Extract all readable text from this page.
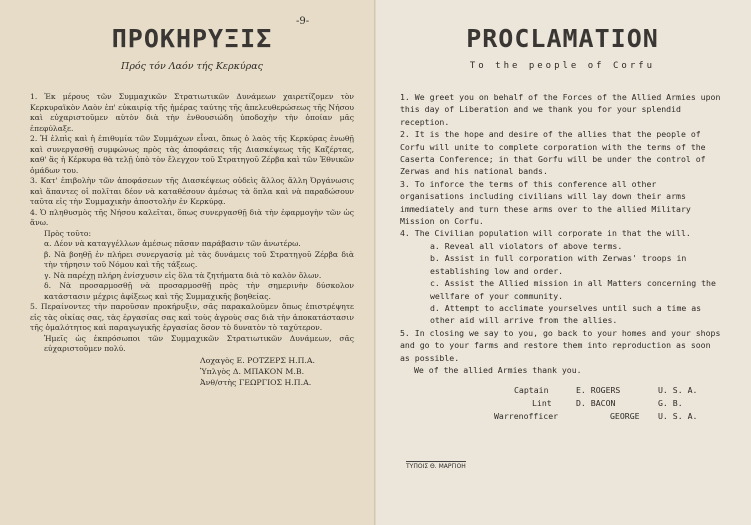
ΠΡΟΚΗΡΥΞΙΣ
Πρός τόν Λαόν τής Κερκύρας

1. Ἐκ μέρους τῶν Συμμαχικῶν Στρατιωτικῶν Δυνάμεων χαιρετίζομεν τὸν Κερκυραϊκὸν Λαὸν ἐπ' εὐκαιρίᾳ τῆς ἡμέρας ταύτης τῆς ἀπελευθερώσεως τῆς Νήσου καὶ εὐχαριστοῦμεν αὐτὸν διὰ τὴν ἐνθουσιώδη ὑποδοχὴν τὴν ὁποίαν μᾶς ἐπεφύλαξε.

2. Ἡ ἐλπὶς καὶ ἡ ἐπιθυμία τῶν Συμμάχων εἶναι, ὅπως ὁ λαὸς τῆς Κερκύρας ἑνωθῇ καὶ συνεργασθῇ συμφώνως πρὸς τὰς ἀποφάσεις τῆς Διασκέψεως τῆς Καζέρτας, καθ' ἃς ἡ Κέρκυρα θὰ τελῇ ὑπὸ τὸν ἔλεγχον τοῦ Στρατηγοῦ Ζέρβα καὶ τῶν Ἐθνικῶν ὁμάδων του.

3. Κατ' ἐπιβολὴν τῶν ἀποφάσεων τῆς Διασκέψεως οὐδεὶς ἄλλος ἄλλη Ὀργάνωσις καὶ ἅπαντες οἱ πολῖται δέον νὰ καταθέσουν ἀμέσως τὰ ὅπλα καὶ νὰ παραδώσουν ταῦτα εἰς τὴν Συμμαχικὴν ἀποστολὴν ἐν Κερκύρᾳ.

4. Ὁ πληθυσμὸς τῆς Νήσου καλεῖται, ὅπως συνεργασθῇ διὰ τὴν ἐφαρμογὴν τῶν ὡς ἄνω.

Πρὸς τοῦτο:

α. Δέον νὰ καταγγέλλων ἀμέσως πᾶσαν παράβασιν τῶν ἀνωτέρω.

β. Νὰ βοηθῇ ἐν πλήρει συνεργασίᾳ μὲ τὰς δυνάμεις τοῦ Στρατηγοῦ Ζέρβα διὰ τὴν τήρησιν τοῦ Νόμου καὶ τῆς τάξεως.

γ. Νὰ παρέχῃ πλήρη ἐνίσχυσιν εἰς ὅλα τὰ ζητήματα διὰ τὸ καλὸν ὅλων.

δ. Νὰ προσαρμοσθῇ νὰ προσαρμοσθῇ πρὸς τὴν σημερινὴν δύσκολον κατάστασιν μέχρις ἀφίξεως καὶ τῆς Συμμαχικῆς βοηθείας.

5. Περαίνοντες τὴν παροῦσαν προκήρυξιν, σᾶς παρακαλοῦμεν ὅπως ἐπιστρέψητε εἰς τὰς οἰκίας σας, τὰς ἐργασίας σας καὶ τοὺς ἀγροὺς σας διὰ τὴν ἀποκατάστασιν τῆς ὁμαλότητος καὶ παραγωγικῆς ἐργασίας ὅσον τὸ δυνατὸν τὸ ταχύτερον.

Ἡμεῖς ὡς ἐκπρόσωποι τῶν Συμμαχικῶν Στρατιωτικῶν Δυνάμεων, σᾶς εὐχαριστοῦμεν πολύ.

Λοχαγὸς Ε. ΡΟΤΖΕΡΣ Η.Π.Α.
Ὑπλγὸς Δ. ΜΠΑΚΟΝ Μ.Β.
Ἀνθ/στὴς ΓΕΩΡΓΙΟΣ Η.Π.Α.
-9-
PROCLAMATION
To the people of Corfu

1. We greet you on behalf of the Forces of the Allied Armies upon this day of Liberation and we thank you for your splendid reception.

2. It is the hope and desire of the allies that the people of Corfu will unite to complete corporation with the terms of the Caserta Conference; in that Gorfu will be under the control of Zerwas and his national bands.

3. To inforce the terms of this conference all other organisations including civilians will lay down their arms immediately and turn these arms over to the allied Military Mission on Corfu.

4. The Civilian population will corporate in that the will.

a. Reveal all violators of above terms.

b. Assist in full corporation with Zerwas' troops in establishing low and order.

c. Assist the Allied mission in all Matters concerning the wellfare of your community.

d. Attempt to acclimate yourselves until such a time as other aid will arrive from the allies.

5. In closing we say to you, go back to your homes and your shops and go to your farms and restore them into reproduction as soon as possible.

We of the allied Armies thank you.

Captain	E. ROGERS	U. S. A.
Lint	D. BACON	G. B.
Warrenofficer	GEORGE	U. S. A.
ΤΥΠΟΙΣ Θ. ΜΑΡΓΙΟΗ
